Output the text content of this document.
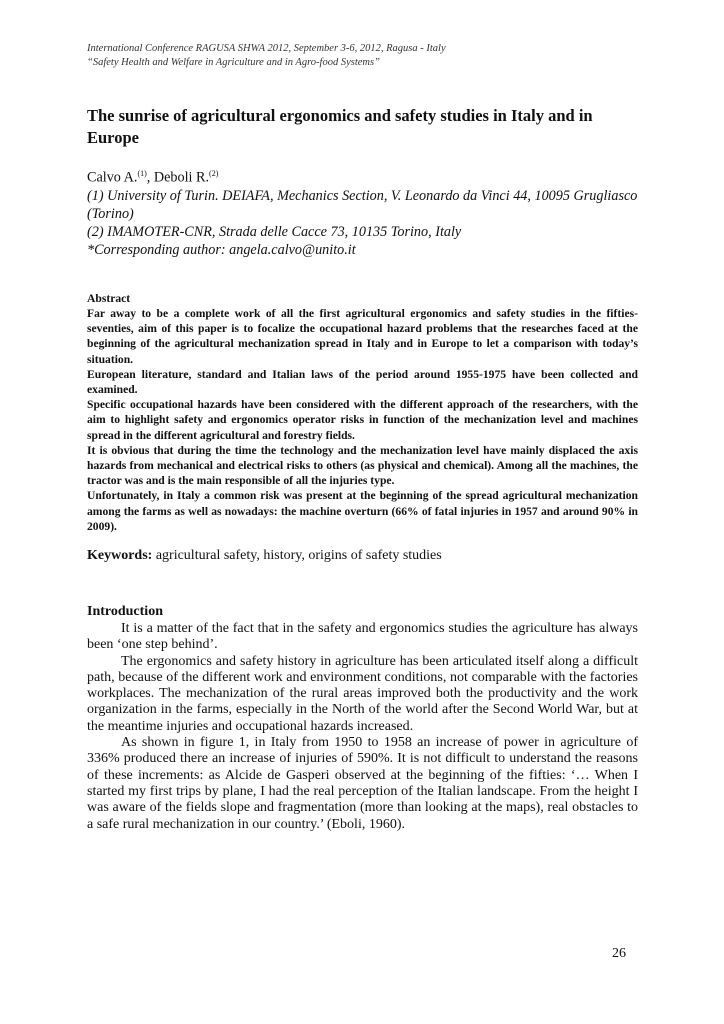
International Conference RAGUSA SHWA 2012, September 3-6, 2012, Ragusa - Italy
“Safety Health and Welfare in Agriculture and in Agro-food Systems”
The sunrise of agricultural ergonomics and safety studies in Italy and in Europe
Calvo A.$^{(1)}$, Deboli R.$^{(2)}$
(1) University of Turin. DEIAFA, Mechanics Section, V. Leonardo da Vinci 44, 10095 Grugliasco (Torino)
(2) IMAMOTER-CNR, Strada delle Cacce 73, 10135 Torino, Italy
*Corresponding author: angela.calvo@unito.it

Abstract

Far away to be a complete work of all the first agricultural ergonomics and safety studies in the fifties-seventies, aim of this paper is to focalize the occupational hazard problems that the researches faced at the beginning of the agricultural mechanization spread in Italy and in Europe to let a comparison with today’s situation.

European literature, standard and Italian laws of the period around 1955-1975 have been collected and examined.

Specific occupational hazards have been considered with the different approach of the researchers, with the aim to highlight safety and ergonomics operator risks in function of the mechanization level and machines spread in the different agricultural and forestry fields.

It is obvious that during the time the technology and the mechanization level have mainly displaced the axis hazards from mechanical and electrical risks to others (as physical and chemical). Among all the machines, the tractor was and is the main responsible of all the injuries type.

Unfortunately, in Italy a common risk was present at the beginning of the spread agricultural mechanization among the farms as well as nowadays: the machine overturn (66% of fatal injuries in 1957 and around 90% in 2009).

Keywords: agricultural safety, history, origins of safety studies
Introduction

It is a matter of the fact that in the safety and ergonomics studies the agriculture has always been ‘one step behind’.

The ergonomics and safety history in agriculture has been articulated itself along a difficult path, because of the different work and environment conditions, not comparable with the factories workplaces. The mechanization of the rural areas improved both the productivity and the work organization in the farms, especially in the North of the world after the Second World War, but at the meantime injuries and occupational hazards increased.

As shown in figure 1, in Italy from 1950 to 1958 an increase of power in agriculture of 336% produced there an increase of injuries of 590%. It is not difficult to understand the reasons of these increments: as Alcide de Gasperi observed at the beginning of the fifties: ‘… When I started my first trips by plane, I had the real perception of the Italian landscape. From the height I was aware of the fields slope and fragmentation (more than looking at the maps), real obstacles to a safe rural mechanization in our country.’ (Eboli, 1960).

26
